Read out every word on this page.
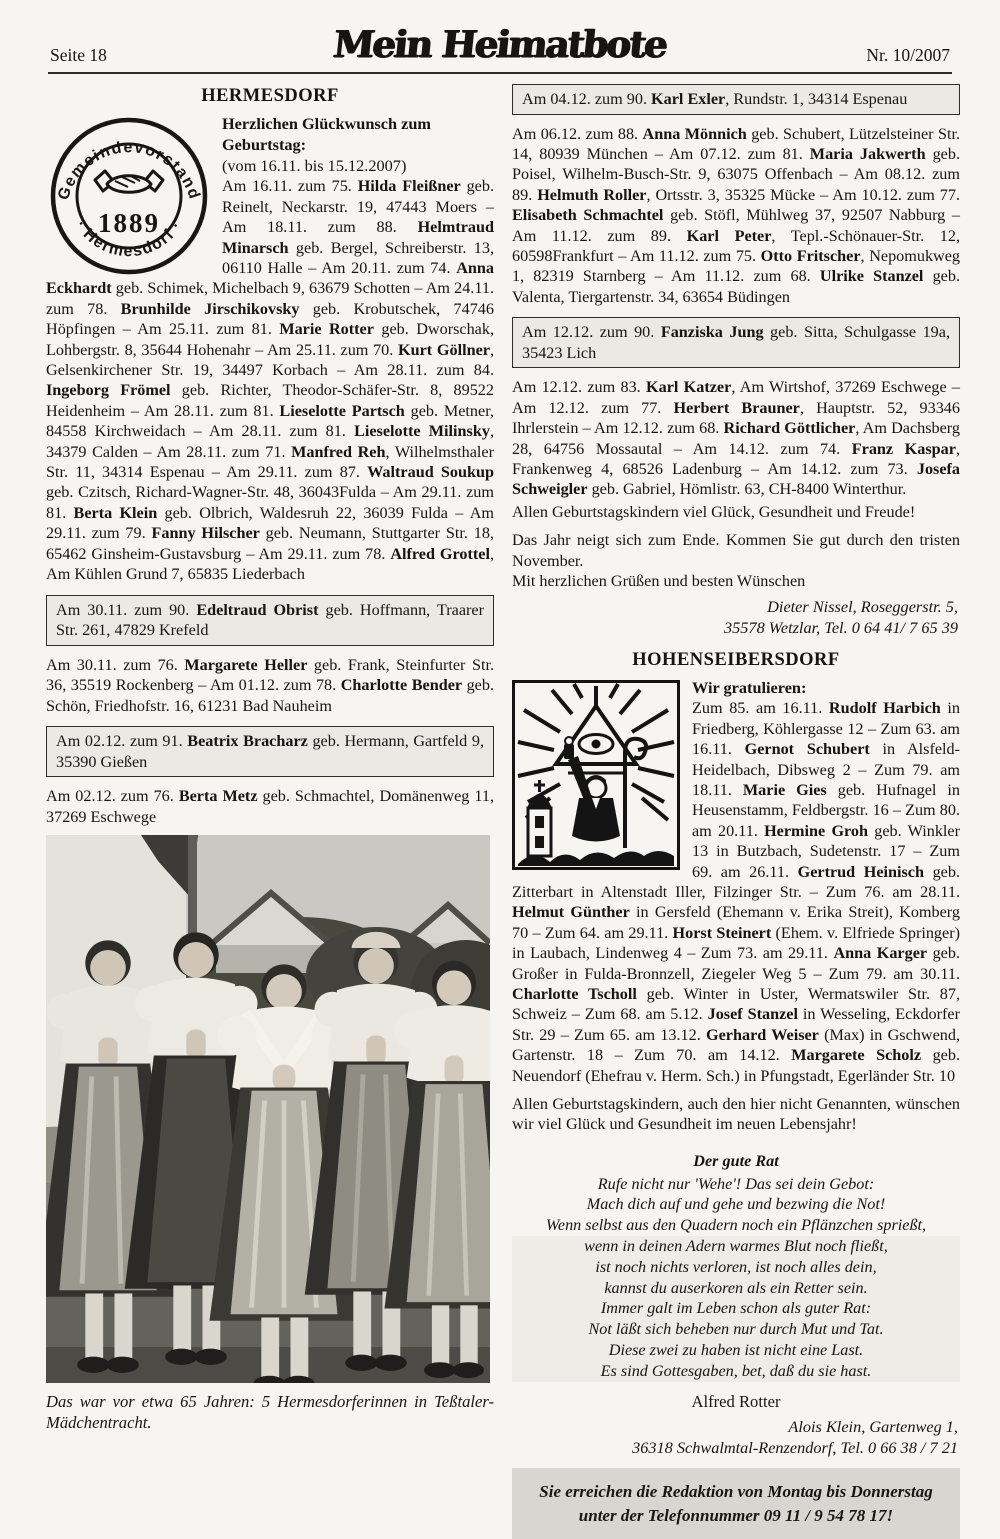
Seite 18	Mein Heimatbote	Nr. 10/2007
HERMESDORF
Gemeindevorstand
· Hermesdorf ·
1889

Herzlichen Glückwunsch zum Geburtstag:

(vom 16.11. bis 15.12.2007)

Am 16.11. zum 75. Hilda Fleißner geb. Reinelt, Neckarstr. 19, 47443 Moers – Am 18.11. zum 88. Helmtraud Minarsch geb. Bergel, Schreiberstr. 13, 06110 Halle – Am 20.11. zum 74. Anna Eckhardt geb. Schimek, Michelbach 9, 63679 Schotten – Am 24.11. zum 78. Brunhilde Jirschikovsky geb. Krobutschek, 74746 Höpfingen – Am 25.11. zum 81. Marie Rotter geb. Dworschak, Lohbergstr. 8, 35644 Hohenahr – Am 25.11. zum 70. Kurt Göllner, Gelsenkirchener Str. 19, 34497 Korbach – Am 28.11. zum 84. Ingeborg Frömel geb. Richter, Theodor-Schäfer-Str. 8, 89522 Heidenheim – Am 28.11. zum 81. Lieselotte Partsch geb. Metner, 84558 Kirchweidach – Am 28.11. zum 81. Lieselotte Milinsky, 34379 Calden – Am 28.11. zum 71. Manfred Reh, Wilhelmsthaler Str. 11, 34314 Espenau – Am 29.11. zum 87. Waltraud Soukup geb. Czitsch, Richard-Wagner-Str. 48, 36043Fulda – Am 29.11. zum 81. Berta Klein geb. Olbrich, Waldesruh 22, 36039 Fulda – Am 29.11. zum 79. Fanny Hilscher geb. Neumann, Stuttgarter Str. 18, 65462 Ginsheim-Gustavsburg – Am 29.11. zum 78. Alfred Grottel, Am Kühlen Grund 7, 65835 Liederbach

Am 30.11. zum 90. Edeltraud Obrist geb. Hoffmann, Traarer Str. 261, 47829 Krefeld

Am 30.11. zum 76. Margarete Heller geb. Frank, Steinfurter Str. 36, 35519 Rockenberg – Am 01.12. zum 78. Charlotte Bender geb. Schön, Friedhofstr. 16, 61231 Bad Nauheim

Am 02.12. zum 91. Beatrix Bracharz geb. Hermann, Gartfeld 9, 35390 Gießen

Am 02.12. zum 76. Berta Metz geb. Schmachtel, Domänenweg 11, 37269 Eschwege

Das war vor etwa 65 Jahren: 5 Hermesdorferinnen in Teßtaler-Mädchentracht.
Am 04.12. zum 90. Karl Exler, Rundstr. 1, 34314 Espenau

Am 06.12. zum 88. Anna Mönnich geb. Schubert, Lützelsteiner Str. 14, 80939 München – Am 07.12. zum 81. Maria Jakwerth geb. Poisel, Wilhelm-Busch-Str. 9, 63075 Offenbach – Am 08.12. zum 89. Helmuth Roller, Ortsstr. 3, 35325 Mücke – Am 10.12. zum 77. Elisabeth Schmachtel geb. Stöfl, Mühlweg 37, 92507 Nabburg – Am 11.12. zum 89. Karl Peter, Tepl.-Schönauer-Str. 12, 60598Frankfurt – Am 11.12. zum 75. Otto Fritscher, Nepomukweg 1, 82319 Starnberg – Am 11.12. zum 68. Ulrike Stanzel geb. Valenta, Tiergartenstr. 34, 63654 Büdingen

Am 12.12. zum 90. Fanziska Jung geb. Sitta, Schulgasse 19a, 35423 Lich

Am 12.12. zum 83. Karl Katzer, Am Wirtshof, 37269 Eschwege – Am 12.12. zum 77. Herbert Brauner, Hauptstr. 52, 93346 Ihrlerstein – Am 12.12. zum 68. Richard Göttlicher, Am Dachsberg 28, 64756 Mossautal – Am 14.12. zum 74. Franz Kaspar, Frankenweg 4, 68526 Ladenburg – Am 14.12. zum 73. Josefa Schweigler geb. Gabriel, Hömlistr. 63, CH-8400 Winterthur.

Allen Geburtstagskindern viel Glück, Gesundheit und Freude!

Das Jahr neigt sich zum Ende. Kommen Sie gut durch den tristen November.

Mit herzlichen Grüßen und besten Wünschen

Dieter Nissel, Roseggerstr. 5,
35578 Wetzlar, Tel. 0 64 41/ 7 65 39
HOHENSEIBERSDORF

Wir gratulieren:

Zum 85. am 16.11. Rudolf Harbich in Friedberg, Köhlergasse 12 – Zum 63. am 16.11. Gernot Schubert in Alsfeld-Heidelbach, Dibsweg 2 – Zum 79. am 18.11. Marie Gies geb. Hufnagel in Heusenstamm, Feldbergstr. 16 – Zum 80. am 20.11. Hermine Groh geb. Winkler 13 in Butzbach, Sudetenstr. 17 – Zum 69. am 26.11. Gertrud Heinisch geb. Zitterbart in Altenstadt Iller, Filzinger Str. – Zum 76. am 28.11. Helmut Günther in Gersfeld (Ehemann v. Erika Streit), Komberg 70 – Zum 64. am 29.11. Horst Steinert (Ehem. v. Elfriede Springer) in Laubach, Lindenweg 4 – Zum 73. am 29.11. Anna Karger geb. Großer in Fulda-Bronnzell, Ziegeler Weg 5 – Zum 79. am 30.11. Charlotte Tscholl geb. Winter in Uster, Wermatswiler Str. 87, Schweiz – Zum 68. am 5.12. Josef Stanzel in Wesseling, Eckdorfer Str. 29 – Zum 65. am 13.12. Gerhard Weiser (Max) in Gschwend, Gartenstr. 18 – Zum 70. am 14.12. Margarete Scholz geb. Neuendorf (Ehefrau v. Herm. Sch.) in Pfungstadt, Egerländer Str. 10

Allen Geburtstagskindern, auch den hier nicht Genannten, wünschen wir viel Glück und Gesundheit im neuen Lebensjahr!

Der gute Rat
Rufe nicht nur 'Wehe'! Das sei dein Gebot:
Mach dich auf und gehe und bezwing die Not!
Wenn selbst aus den Quadern noch ein Pflänzchen sprießt,
wenn in deinen Adern warmes Blut noch fließt,
ist noch nichts verloren, ist noch alles dein,
kannst du auserkoren als ein Retter sein.
Immer galt im Leben schon als guter Rat:
Not läßt sich beheben nur durch Mut und Tat.
Diese zwei zu haben ist nicht eine Last.
Es sind Gottesgaben, bet, daß du sie hast.
Alfred Rotter
Alois Klein, Gartenweg 1,
36318 Schwalmtal-Renzendorf, Tel. 0 66 38 / 7 21
Sie erreichen die Redaktion von Montag bis Donnerstag
unter der Telefonnummer 09 11 / 9 54 78 17!
